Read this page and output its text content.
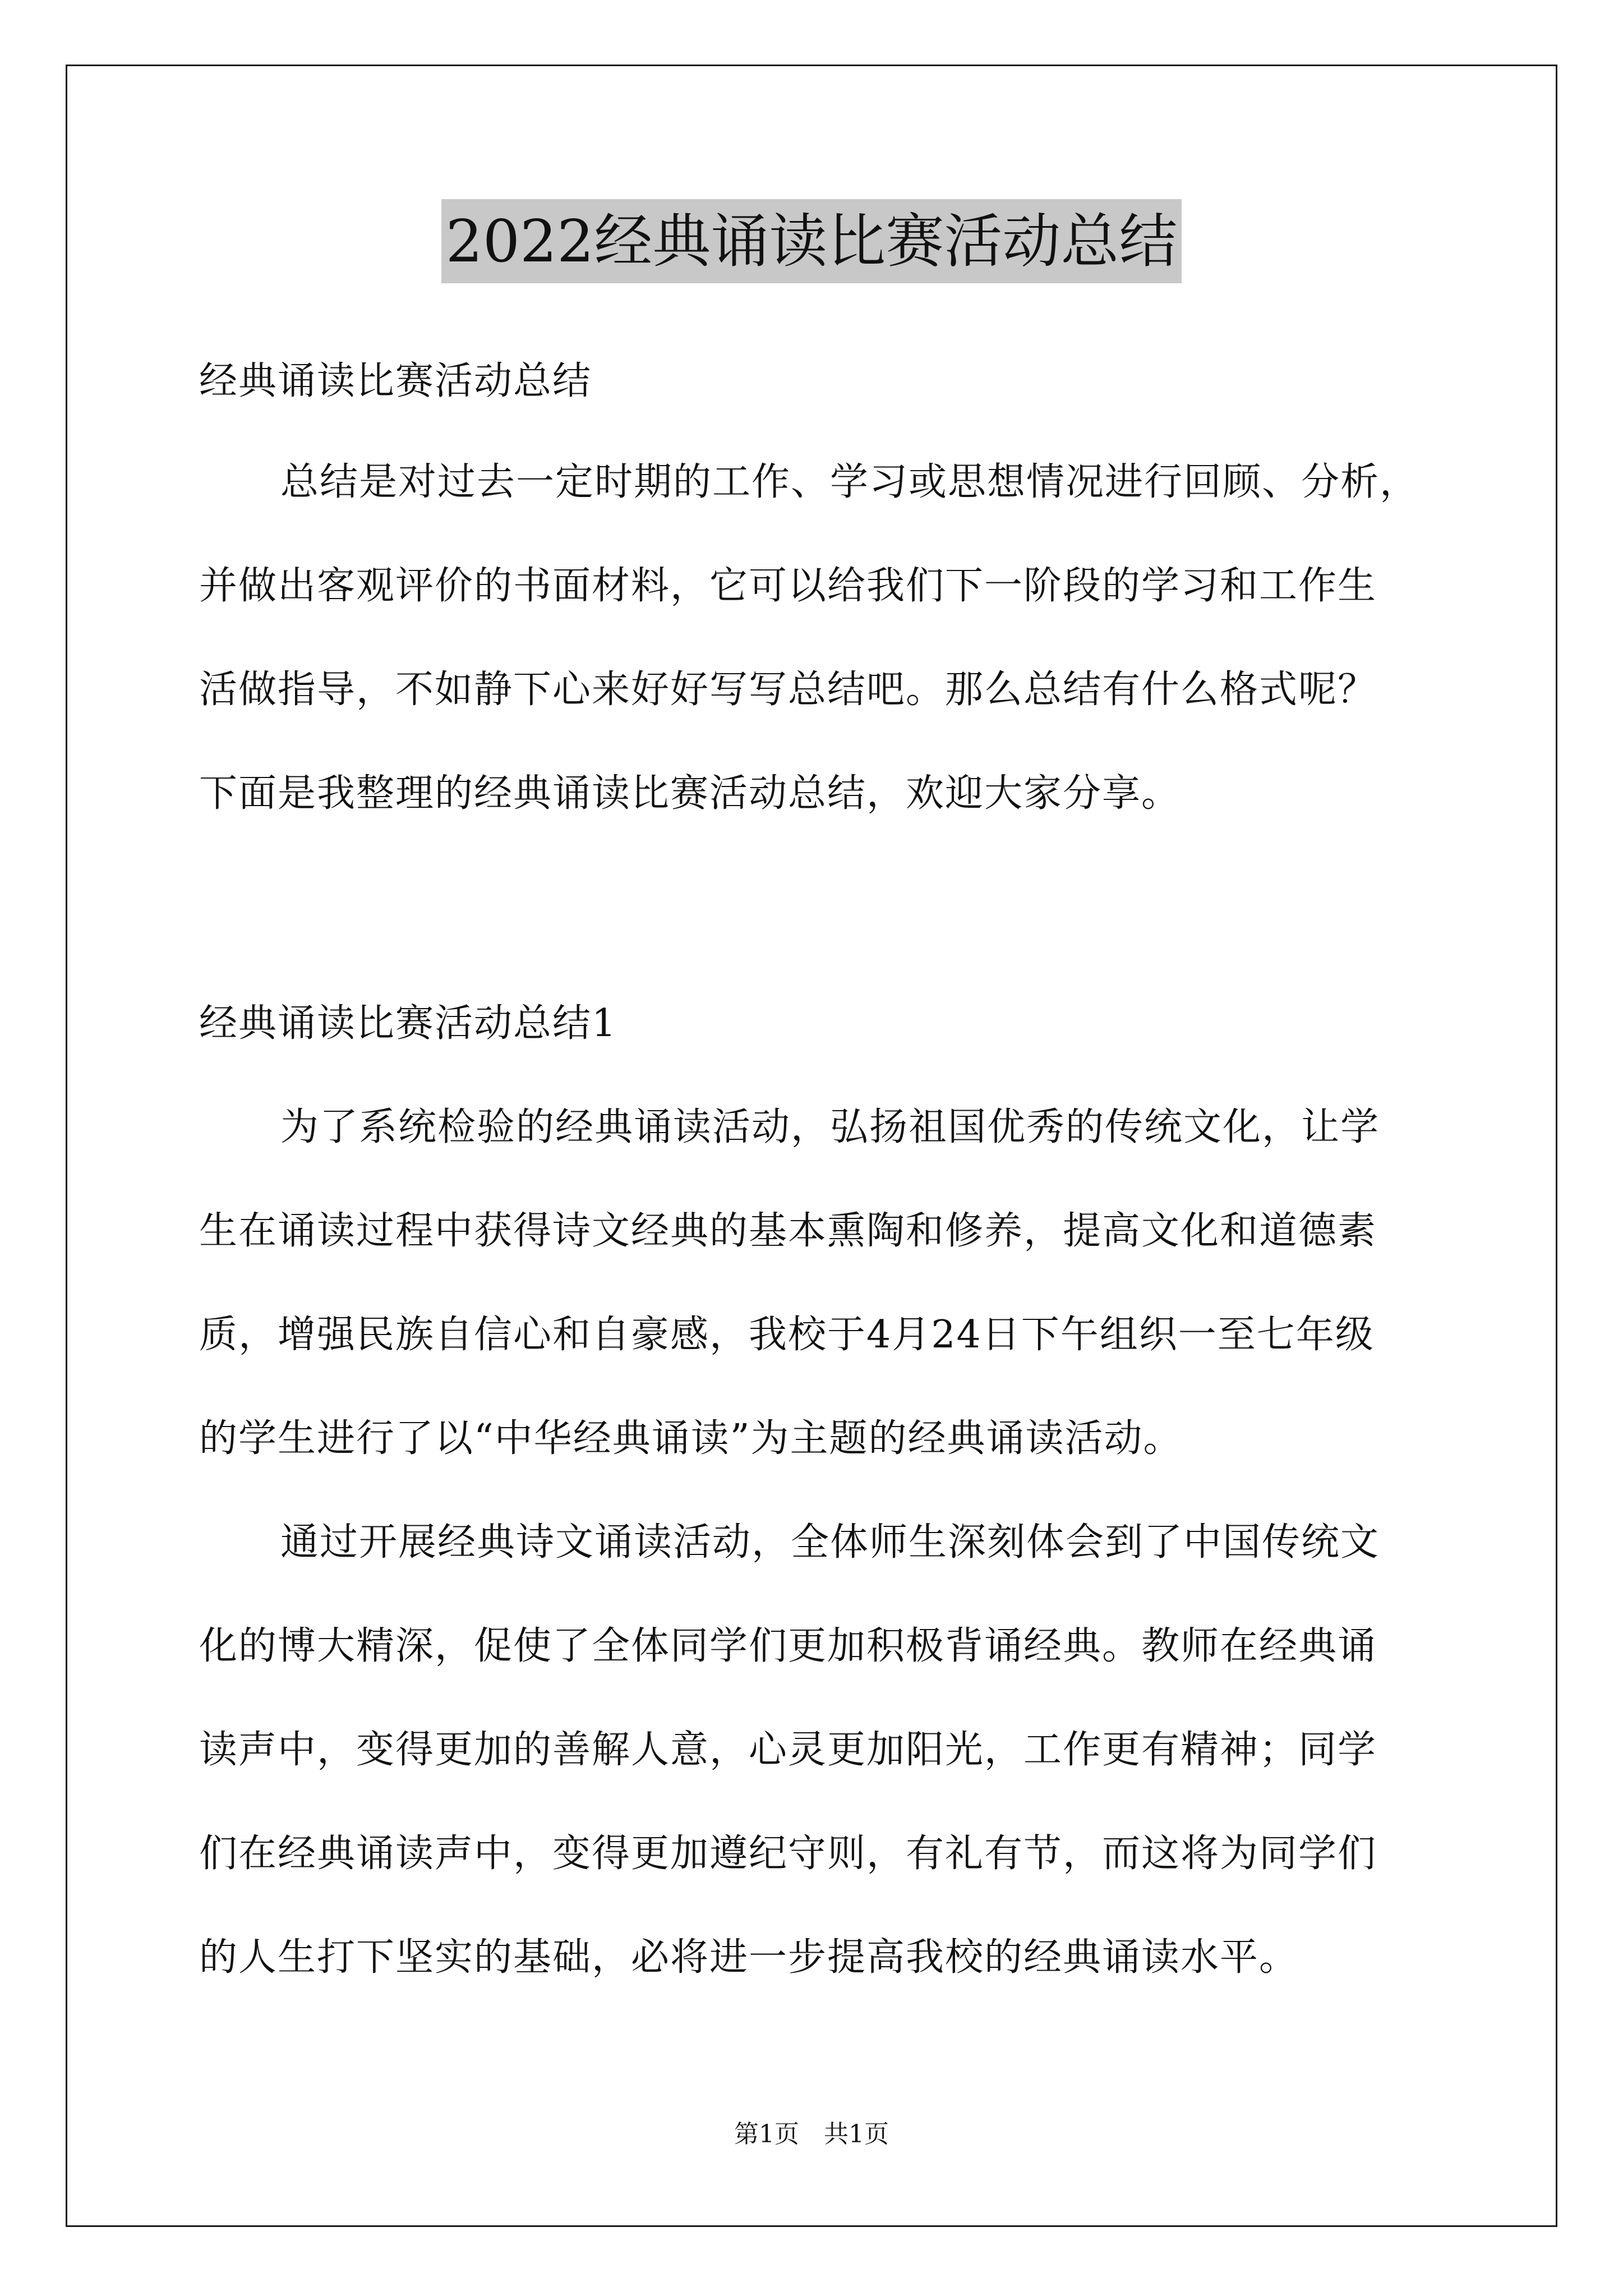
2022经典诵读比赛活动总结
经典诵读比赛活动总结
总结是对过去一定时期的工作、学习或思想情况进行回顾、分析，
并做出客观评价的书面材料，它可以给我们下一阶段的学习和工作生
活做指导，不如静下心来好好写写总结吧。那么总结有什么格式呢？
下面是我整理的经典诵读比赛活动总结，欢迎大家分享。
经典诵读比赛活动总结1
为了系统检验的经典诵读活动，弘扬祖国优秀的传统文化，让学
生在诵读过程中获得诗文经典的基本熏陶和修养，提高文化和道德素
质，增强民族自信心和自豪感，我校于4月24日下午组织一至七年级
的学生进行了以“中华经典诵读”为主题的经典诵读活动。
通过开展经典诗文诵读活动，全体师生深刻体会到了中国传统文
化的博大精深，促使了全体同学们更加积极背诵经典。教师在经典诵
读声中，变得更加的善解人意，心灵更加阳光，工作更有精神；同学
们在经典诵读声中，变得更加遵纪守则，有礼有节，而这将为同学们
的人生打下坚实的基础，必将进一步提高我校的经典诵读水平。
第1页　共1页
